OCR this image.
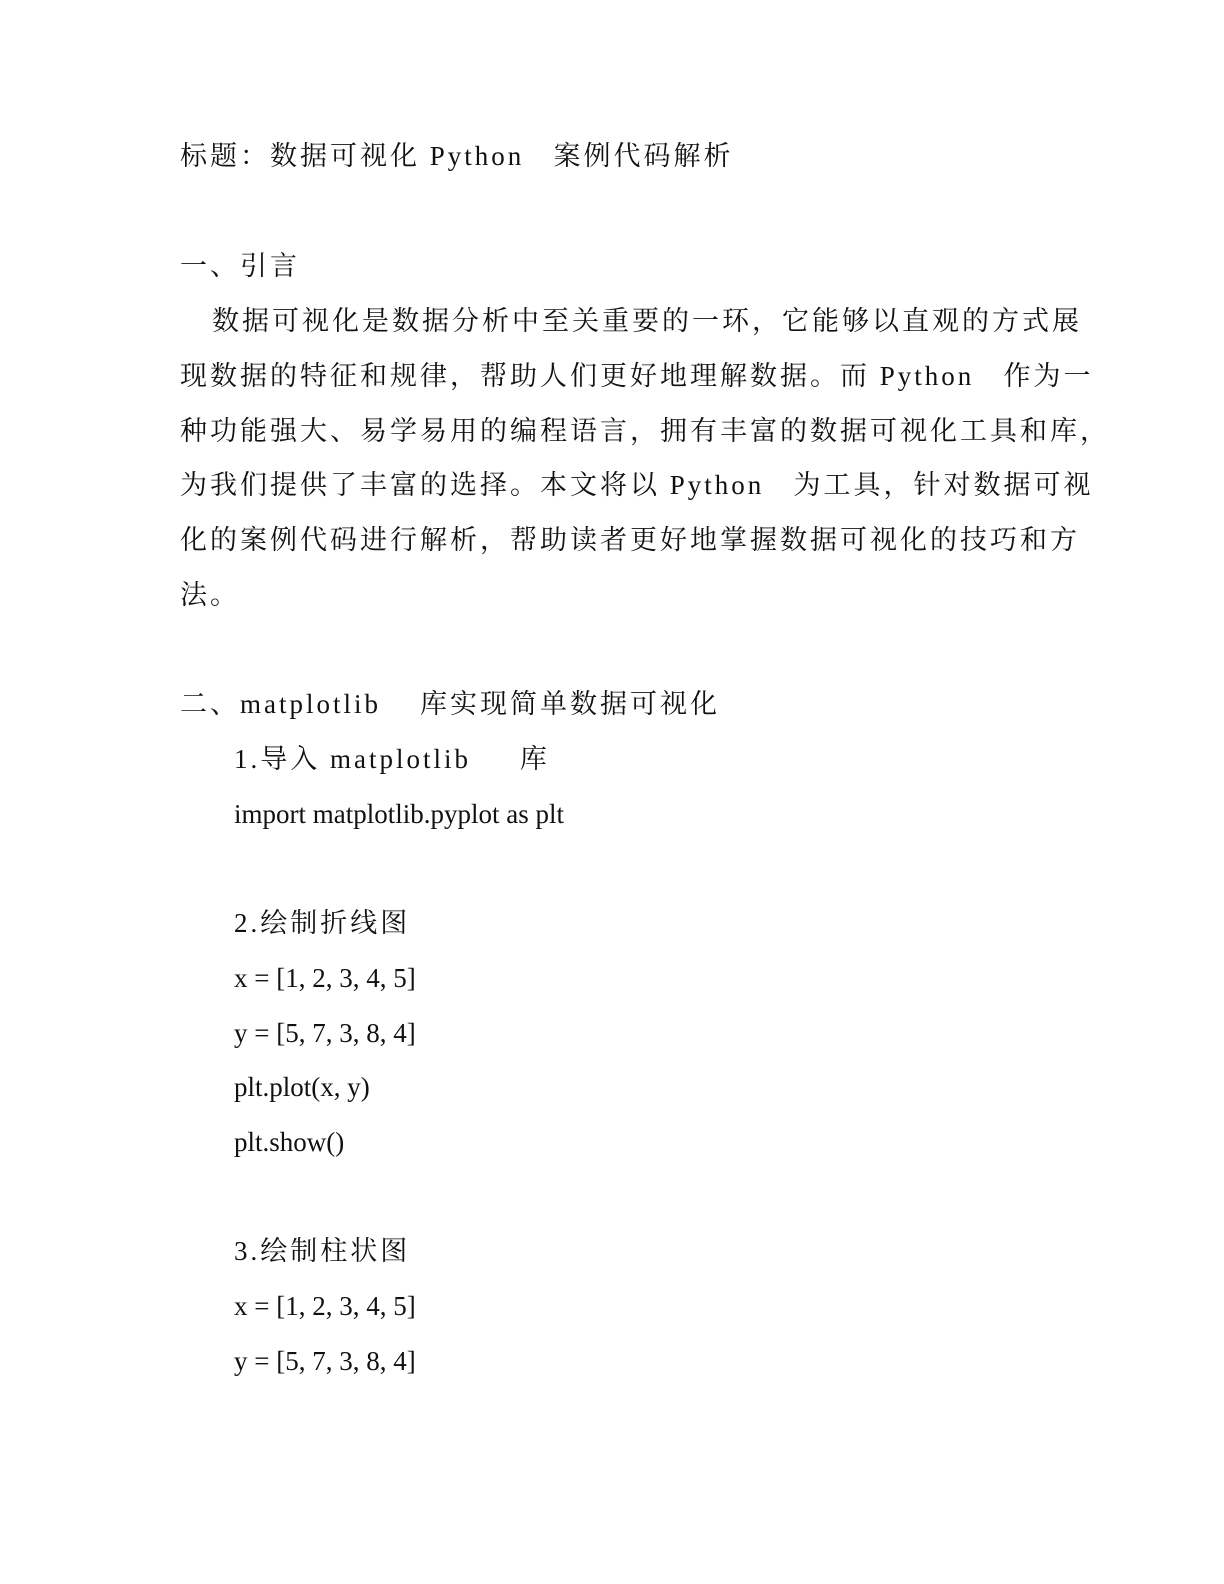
标题：数据可视化 Python   案例代码解析
一、引言
数据可视化是数据分析中至关重要的一环，它能够以直观的方式展
现数据的特征和规律，帮助人们更好地理解数据。而 Python   作为一
种功能强大、易学易用的编程语言，拥有丰富的数据可视化工具和库，
为我们提供了丰富的选择。本文将以 Python   为工具，针对数据可视
化的案例代码进行解析，帮助读者更好地掌握数据可视化的技巧和方
法。
二、matplotlib    库实现简单数据可视化
1.导入 matplotlib     库
import matplotlib.pyplot as plt
2.绘制折线图
x = [1, 2, 3, 4, 5]
y = [5, 7, 3, 8, 4]
plt.plot(x, y)
plt.show()
3.绘制柱状图
x = [1, 2, 3, 4, 5]
y = [5, 7, 3, 8, 4]
